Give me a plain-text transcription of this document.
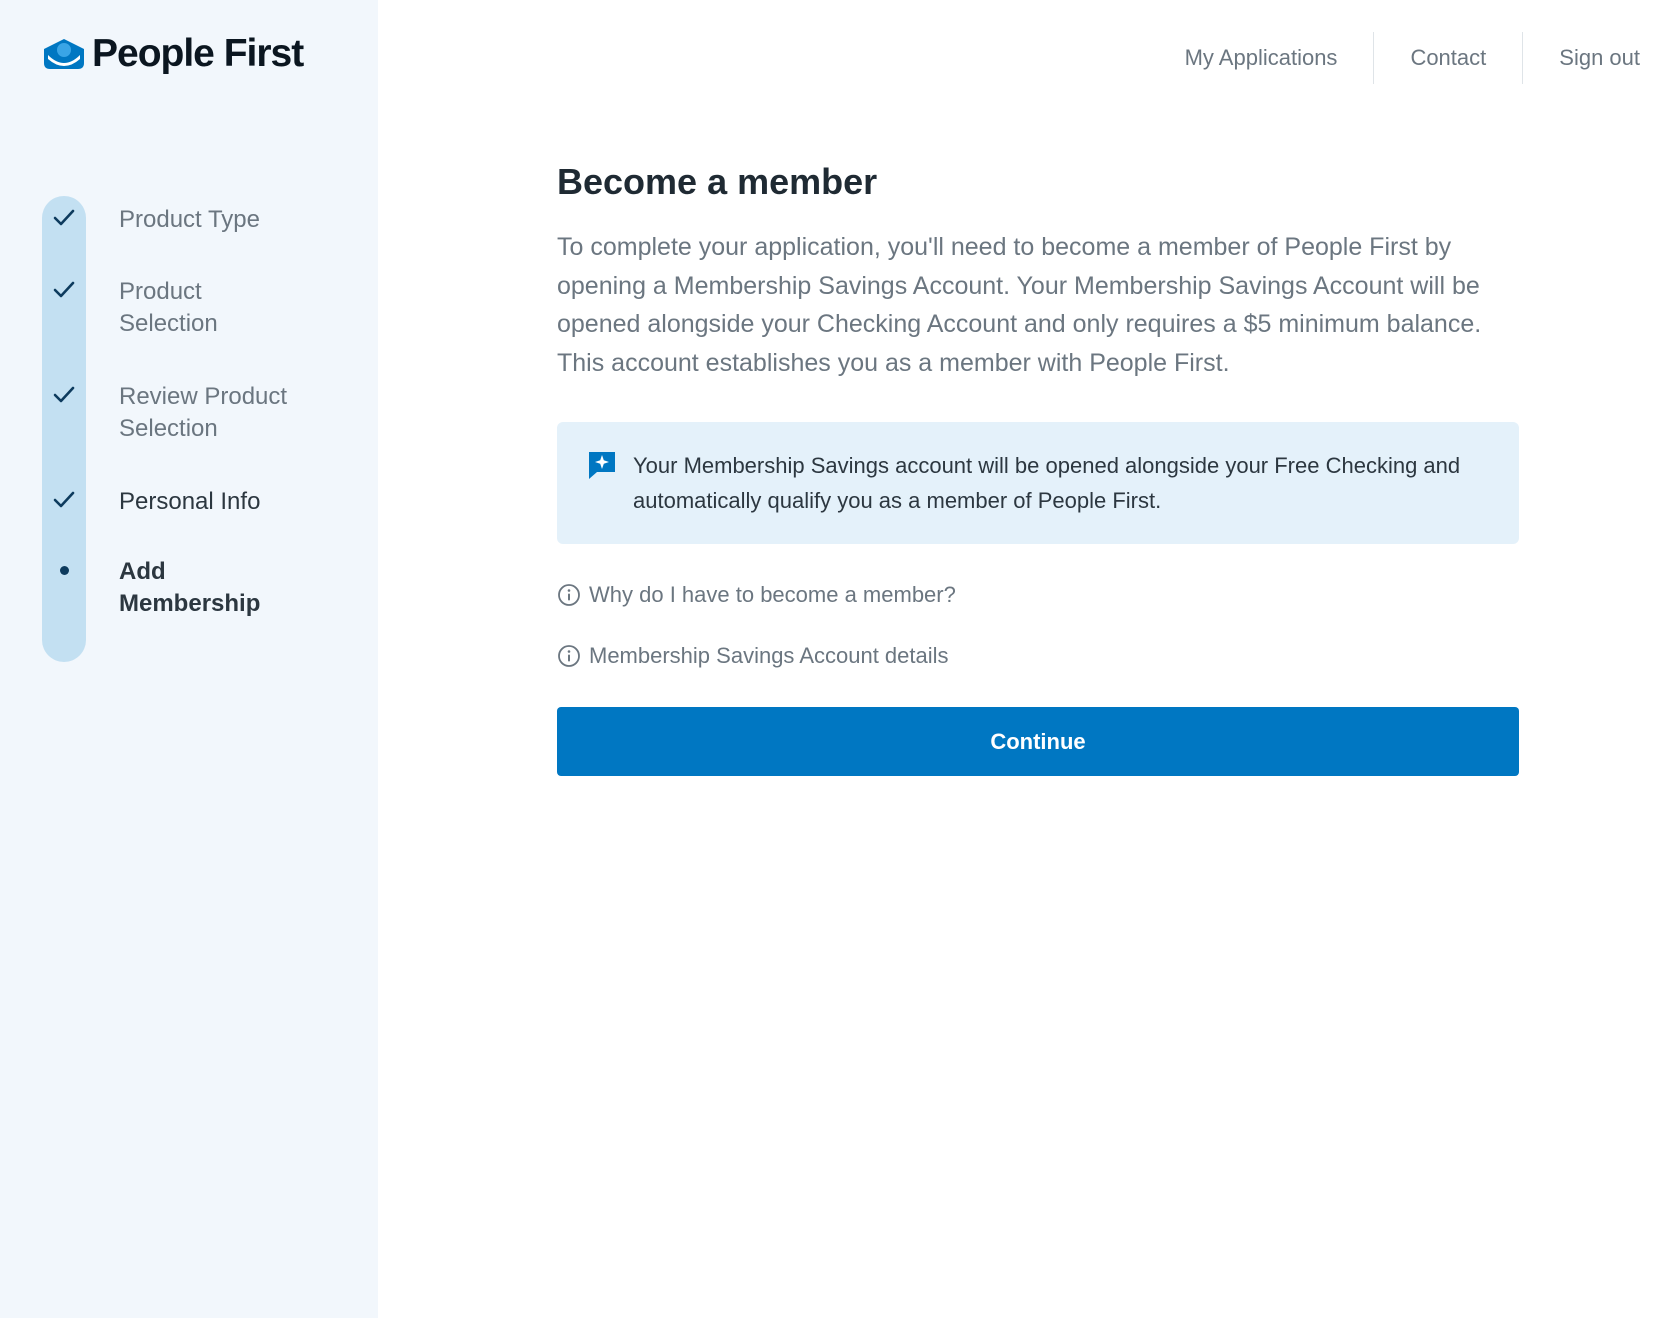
People First
Product Type
Product Selection
Review Product Selection
Personal Info
Add Membership
My Applications	Contact	Sign out
Become a member

To complete your application, you'll need to become a member of People First by opening a Membership Savings Account. Your Membership Savings Account will be opened alongside your Checking Account and only requires a $5 minimum balance. This account establishes you as a member with People First.

Your Membership Savings account will be opened alongside your Free Checking and automatically qualify you as a member of People First.
Why do I have to become a member?
Membership Savings Account details
Continue
